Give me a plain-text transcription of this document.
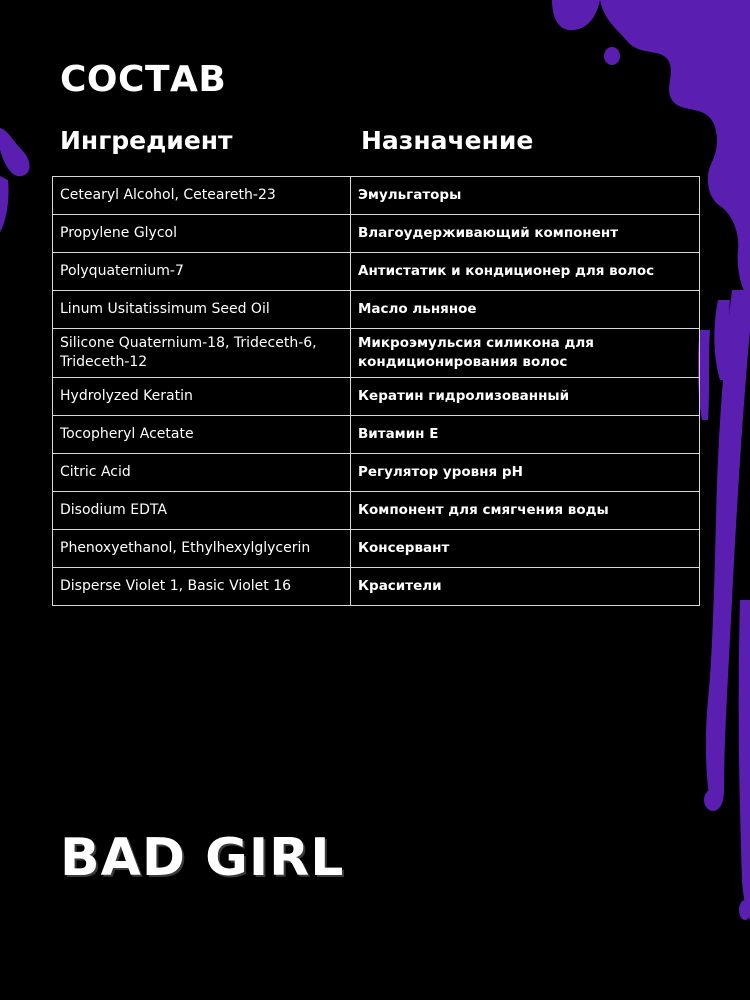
СОСТАВ
Ингредиент	Назначение
Cetearyl Alcohol, Ceteareth-23	Эмульгаторы
Propylene Glycol	Влагоудерживающий компонент
Polyquaternium-7	Антистатик и кондиционер для волос
Linum Usitatissimum Seed Oil	Масло льняное
Silicone Quaternium-18, Trideceth-6, Trideceth-12	Микроэмульсия силикона для кондиционирования волос
Hydrolyzed Keratin	Кератин гидролизованный
Tocopheryl Acetate	Витамин Е
Citric Acid	Регулятор уровня pH
Disodium EDTA	Компонент для смягчения воды
Phenoxyethanol, Ethylhexylglycerin	Консервант
Disperse Violet 1, Basic Violet 16	Красители
BAD GIRL
